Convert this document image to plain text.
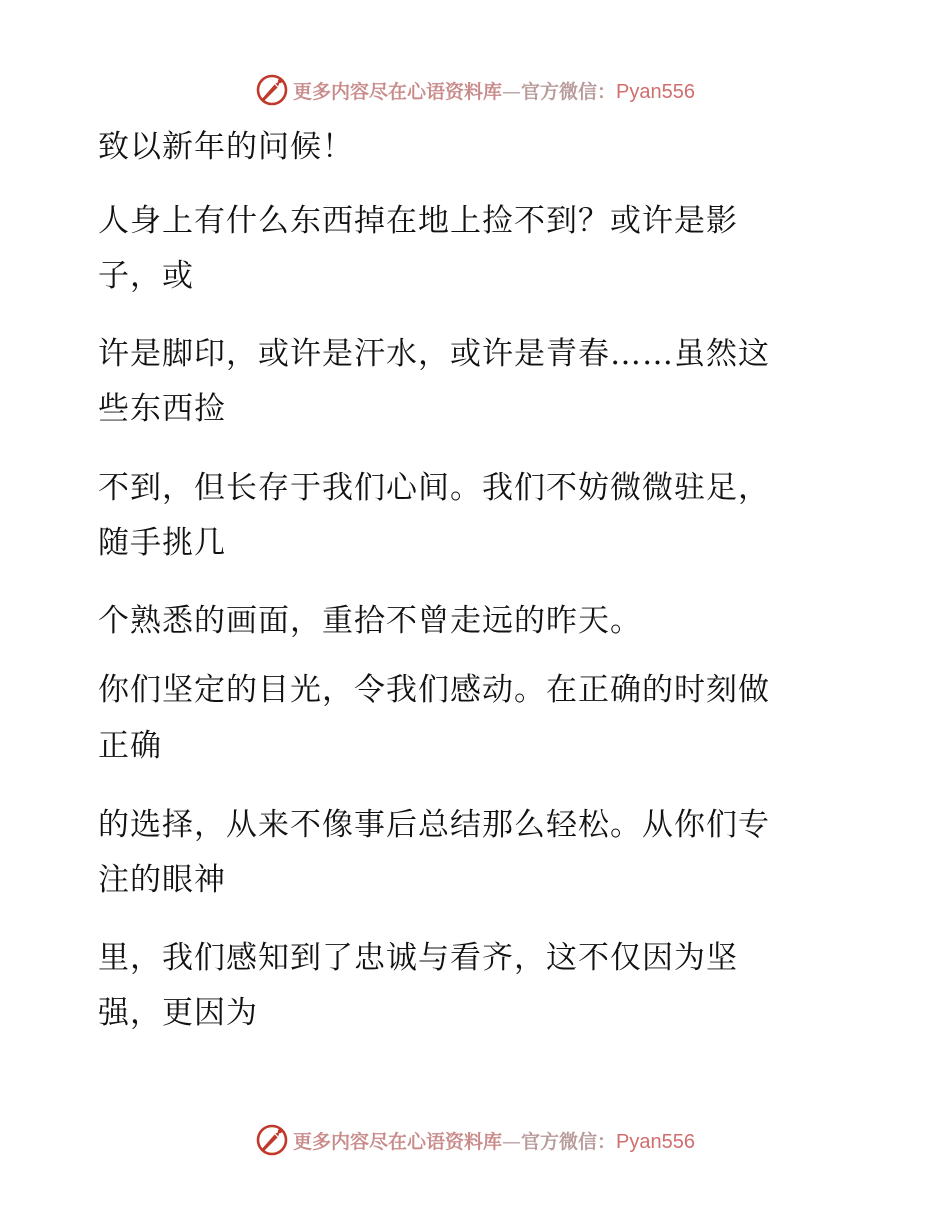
更多内容尽在心语资料库—官方微信：Pyan556
致以新年的问候！
人身上有什么东西掉在地上捡不到？或许是影
子，或
许是脚印，或许是汗水，或许是青春……虽然这
些东西捡
不到，但长存于我们心间。我们不妨微微驻足，
随手挑几
个熟悉的画面，重拾不曾走远的昨天。
你们坚定的目光，令我们感动。在正确的时刻做
正确
的选择，从来不像事后总结那么轻松。从你们专
注的眼神
里，我们感知到了忠诚与看齐，这不仅因为坚
强，更因为
更多内容尽在心语资料库—官方微信：Pyan556
